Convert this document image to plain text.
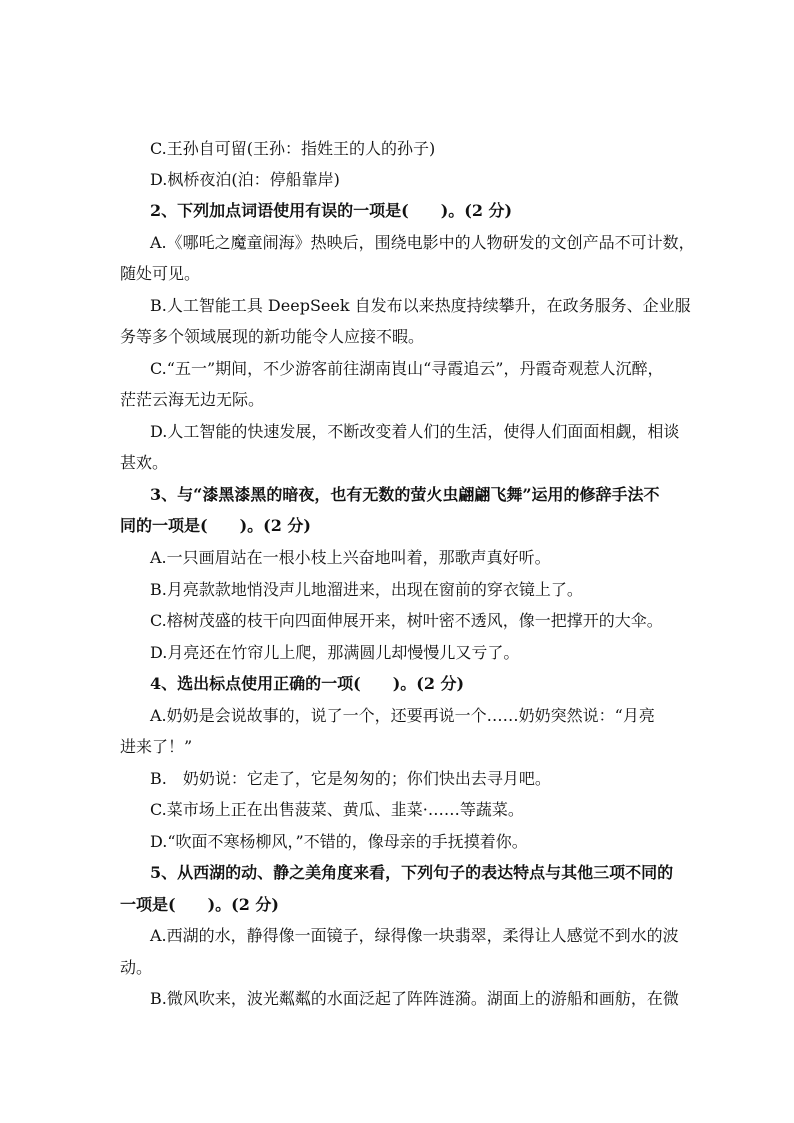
C.王孙自可留(王孙：指姓王的人的孙子)
D.枫桥夜泊(泊：停船靠岸)
2、下列加点词语使用有误的一项是(　　)。(2 分)
A.《哪吒之魔童闹海》热映后，围绕电影中的人物研发的文创产品不可计数，
随处可见。
B.人工智能工具 DeepSeek 自发布以来热度持续攀升，在政务服务、企业服
务等多个领域展现的新功能令人应接不暇。
C.“五一”期间，不少游客前往湖南崀山“寻霞追云”，丹霞奇观惹人沉醉，
茫茫云海无边无际。
D.人工智能的快速发展，不断改变着人们的生活，使得人们面面相觑，相谈
甚欢。
3、与“漆黑漆黑的暗夜，也有无数的萤火虫翩翩飞舞”运用的修辞手法不
同的一项是(　　)。(2 分)
A.一只画眉站在一根小枝上兴奋地叫着，那歌声真好听。
B.月亮款款地悄没声儿地溜进来，出现在窗前的穿衣镜上了。
C.榕树茂盛的枝干向四面伸展开来，树叶密不透风，像一把撑开的大伞。
D.月亮还在竹帘儿上爬，那满圆儿却慢慢儿又亏了。
4、选出标点使用正确的一项(　　)。(2 分)
A.奶奶是会说故事的，说了一个，还要再说一个……奶奶突然说：“月亮
进来了！”
B.　奶奶说：它走了，它是匆匆的；你们快出去寻月吧。
C.菜市场上正在出售菠菜、黄瓜、韭菜·……等蔬菜。
D.“吹面不寒杨柳风，”不错的，像母亲的手抚摸着你。
5、从西湖的动、静之美角度来看，下列句子的表达特点与其他三项不同的
一项是(　　)。(2 分)
A.西湖的水，静得像一面镜子，绿得像一块翡翠，柔得让人感觉不到水的波
动。
B.微风吹来，波光粼粼的水面泛起了阵阵涟漪。湖面上的游船和画舫，在微
